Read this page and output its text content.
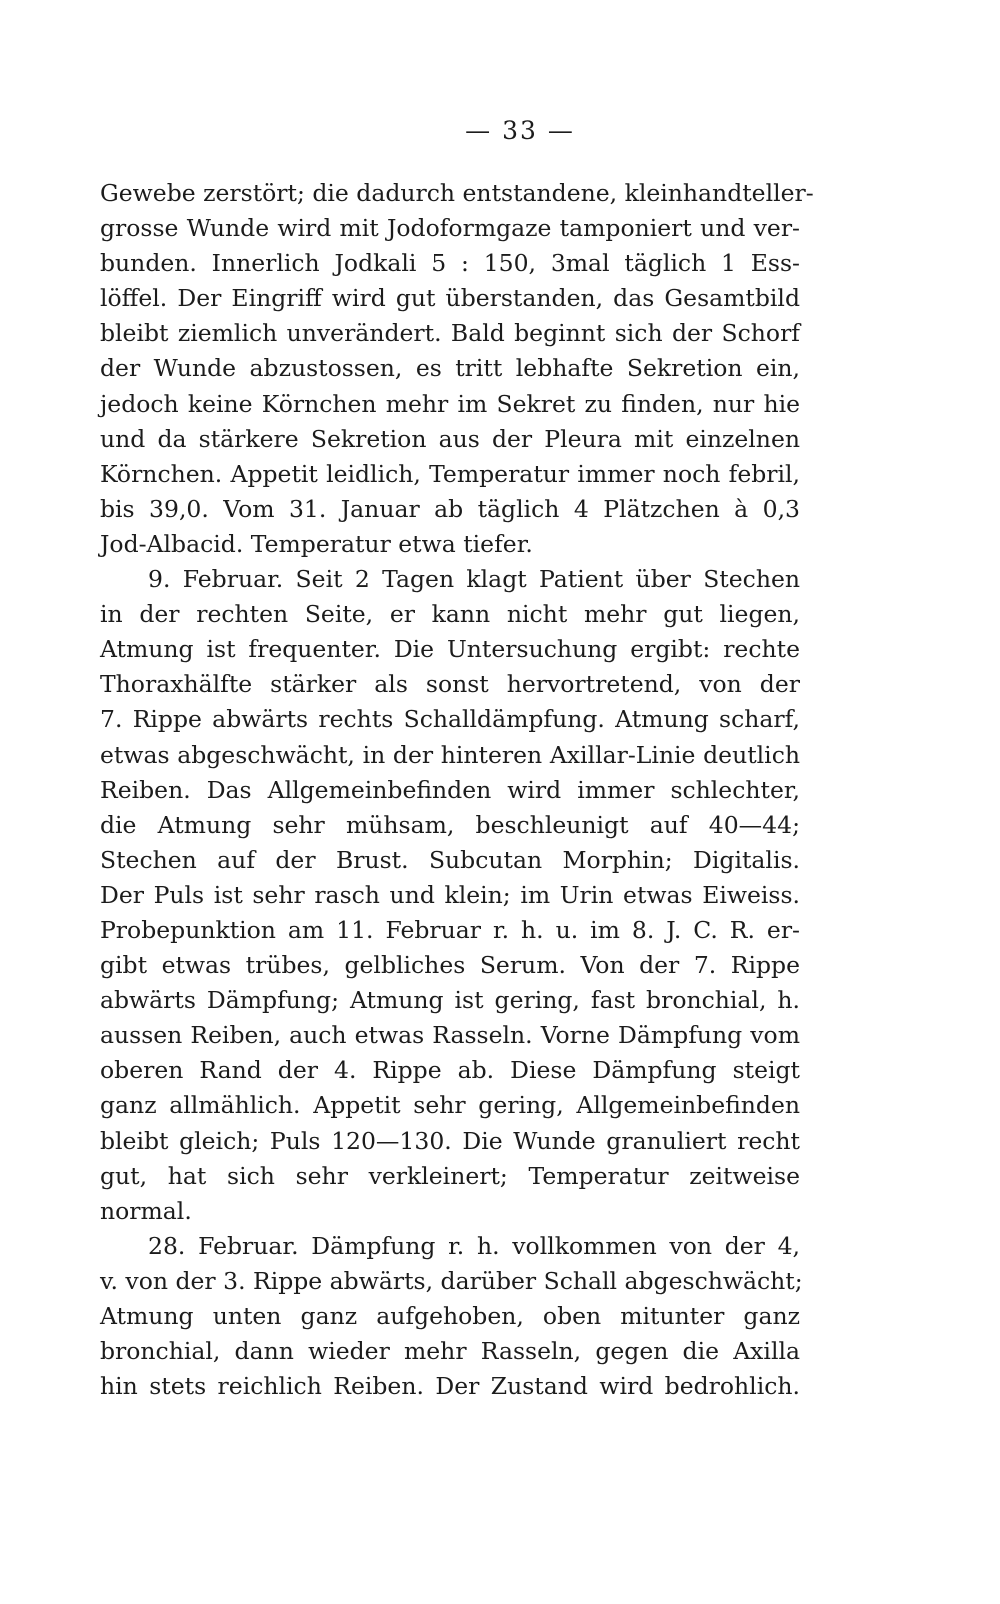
— 33 —
Gewebe zerstört; die dadurch entstandene, kleinhandteller-
grosse Wunde wird mit Jodoformgaze tamponiert und ver-
bunden. Innerlich Jodkali 5 : 150, 3mal täglich 1 Ess-
löffel. Der Eingriff wird gut überstanden, das Gesamtbild
bleibt ziemlich unverändert. Bald beginnt sich der Schorf
der Wunde abzustossen, es tritt lebhafte Sekretion ein,
jedoch keine Körnchen mehr im Sekret zu finden, nur hie
und da stärkere Sekretion aus der Pleura mit einzelnen
Körnchen. Appetit leidlich, Temperatur immer noch febril,
bis 39,0. Vom 31. Januar ab täglich 4 Plätzchen à 0,3
Jod-Albacid. Temperatur etwa tiefer.
9. Februar. Seit 2 Tagen klagt Patient über Stechen
in der rechten Seite, er kann nicht mehr gut liegen,
Atmung ist frequenter. Die Untersuchung ergibt: rechte
Thoraxhälfte stärker als sonst hervortretend, von der
7. Rippe abwärts rechts Schalldämpfung. Atmung scharf,
etwas abgeschwächt, in der hinteren Axillar-Linie deutlich
Reiben. Das Allgemeinbefinden wird immer schlechter,
die Atmung sehr mühsam, beschleunigt auf 40—44;
Stechen auf der Brust. Subcutan Morphin; Digitalis.
Der Puls ist sehr rasch und klein; im Urin etwas Eiweiss.
Probepunktion am 11. Februar r. h. u. im 8. J. C. R. er-
gibt etwas trübes, gelbliches Serum. Von der 7. Rippe
abwärts Dämpfung; Atmung ist gering, fast bronchial, h.
aussen Reiben, auch etwas Rasseln. Vorne Dämpfung vom
oberen Rand der 4. Rippe ab. Diese Dämpfung steigt
ganz allmählich. Appetit sehr gering, Allgemeinbefinden
bleibt gleich; Puls 120—130. Die Wunde granuliert recht
gut, hat sich sehr verkleinert; Temperatur zeitweise
normal.
28. Februar. Dämpfung r. h. vollkommen von der 4,
v. von der 3. Rippe abwärts, darüber Schall abgeschwächt;
Atmung unten ganz aufgehoben, oben mitunter ganz
bronchial, dann wieder mehr Rasseln, gegen die Axilla
hin stets reichlich Reiben. Der Zustand wird bedrohlich.
